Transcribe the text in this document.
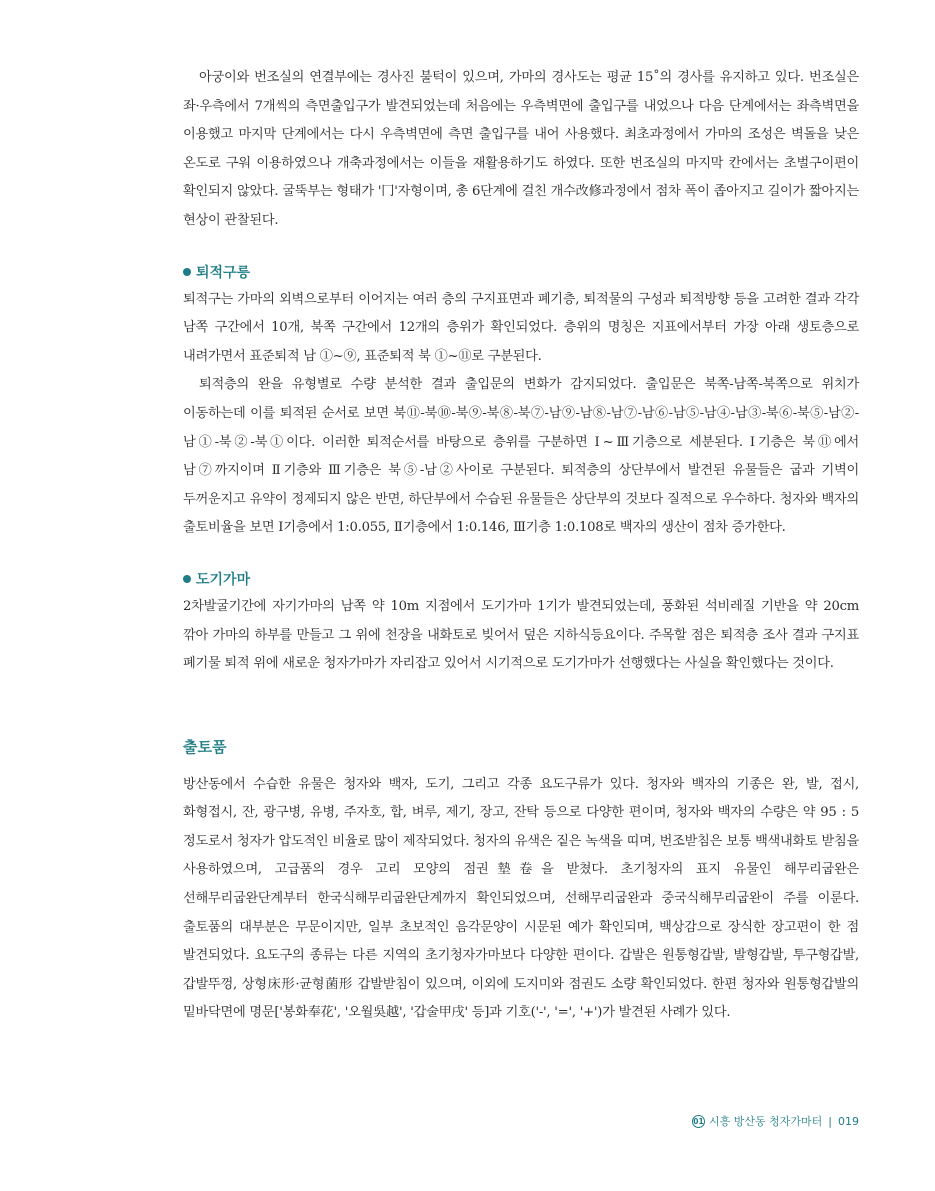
아궁이와 번조실의 연결부에는 경사진 불턱이 있으며, 가마의 경사도는 평균 15˚의 경사를 유지하고 있다. 번조실은 좌·우측에서 7개씩의 측면출입구가 발견되었는데 처음에는 우측벽면에 출입구를 내었으나 다음 단계에서는 좌측벽면을 이용했고 마지막 단계에서는 다시 우측벽면에 측면 출입구를 내어 사용했다. 최초과정에서 가마의 조성은 벽돌을 낮은 온도로 구워 이용하였으나 개축과정에서는 이들을 재활용하기도 하였다. 또한 번조실의 마지막 칸에서는 초벌구이편이 확인되지 않았다. 굴뚝부는 형태가 '冂'자형이며, 총 6단계에 걸친 개수改修과정에서 점차 폭이 좁아지고 길이가 짧아지는 현상이 관찰된다.

퇴적구릉

퇴적구는 가마의 외벽으로부터 이어지는 여러 층의 구지표면과 폐기층, 퇴적물의 구성과 퇴적방향 등을 고려한 결과 각각 남쪽 구간에서 10개, 북쪽 구간에서 12개의 층위가 확인되었다. 층위의 명칭은 지표에서부터 가장 아래 생토층으로 내려가면서 표준퇴적 남 ①~⑨, 표준퇴적 북 ①~⑪로 구분된다.

퇴적층의 완을 유형별로 수량 분석한 결과 출입문의 변화가 감지되었다. 출입문은 북쪽-남쪽-북쪽으로 위치가 이동하는데 이를 퇴적된 순서로 보면 북⑪-북⑩-북⑨-북⑧-북⑦-남⑨-남⑧-남⑦-남⑥-남⑤-남④-남③-북⑥-북⑤-남②-남①-북②-북①이다. 이러한 퇴적순서를 바탕으로 층위를 구분하면 Ⅰ~Ⅲ기층으로 세분된다. Ⅰ기층은 북⑪에서 남⑦까지이며 Ⅱ기층와 Ⅲ기층은 북⑤-남②사이로 구분된다. 퇴적층의 상단부에서 발견된 유물들은 굽과 기벽이 두꺼운지고 유약이 정제되지 않은 반면, 하단부에서 수습된 유물들은 상단부의 것보다 질적으로 우수하다. 청자와 백자의 출토비율을 보면 Ⅰ기층에서 1:0.055, Ⅱ기층에서 1:0.146, Ⅲ기층 1:0.108로 백자의 생산이 점차 증가한다.

도기가마

2차발굴기간에 자기가마의 남쪽 약 10m 지점에서 도기가마 1기가 발견되었는데, 풍화된 석비레질 기반을 약 20cm 깎아 가마의 하부를 만들고 그 위에 천장을 내화토로 빚어서 덮은 지하식등요이다. 주목할 점은 퇴적층 조사 결과 구지표 폐기물 퇴적 위에 새로운 청자가마가 자리잡고 있어서 시기적으로 도기가마가 선행했다는 사실을 확인했다는 것이다.

출토품

방산동에서 수습한 유물은 청자와 백자, 도기, 그리고 각종 요도구류가 있다. 청자와 백자의 기종은 완, 발, 접시, 화형접시, 잔, 광구병, 유병, 주자호, 합, 벼루, 제기, 장고, 잔탁 등으로 다양한 편이며, 청자와 백자의 수량은 약 95 : 5 정도로서 청자가 압도적인 비율로 많이 제작되었다. 청자의 유색은 짙은 녹색을 띠며, 번조받침은 보통 백색내화토 받침을 사용하였으며, 고급품의 경우 고리 모양의 점권墊卷을 받쳤다. 초기청자의 표지 유물인 해무리굽완은 선해무리굽완단계부터 한국식해무리굽완단계까지 확인되었으며, 선해무리굽완과 중국식해무리굽완이 주를 이룬다. 출토품의 대부분은 무문이지만, 일부 초보적인 음각문양이 시문된 예가 확인되며, 백상감으로 장식한 장고편이 한 점 발견되었다. 요도구의 종류는 다른 지역의 초기청자가마보다 다양한 편이다. 갑발은 원통형갑발, 발형갑발, 투구형갑발, 갑발뚜껑, 상형床形·균형菌形 갑발받침이 있으며, 이외에 도지미와 점권도 소량 확인되었다. 한편 청자와 원통형갑발의 밑바닥면에 명문['봉화奉花', '오월吳越', '갑술甲戌' 등]과 기호('-', '=', '+')가 발견된 사례가 있다.

01 시흥 방산동 청자가마터 | 019
